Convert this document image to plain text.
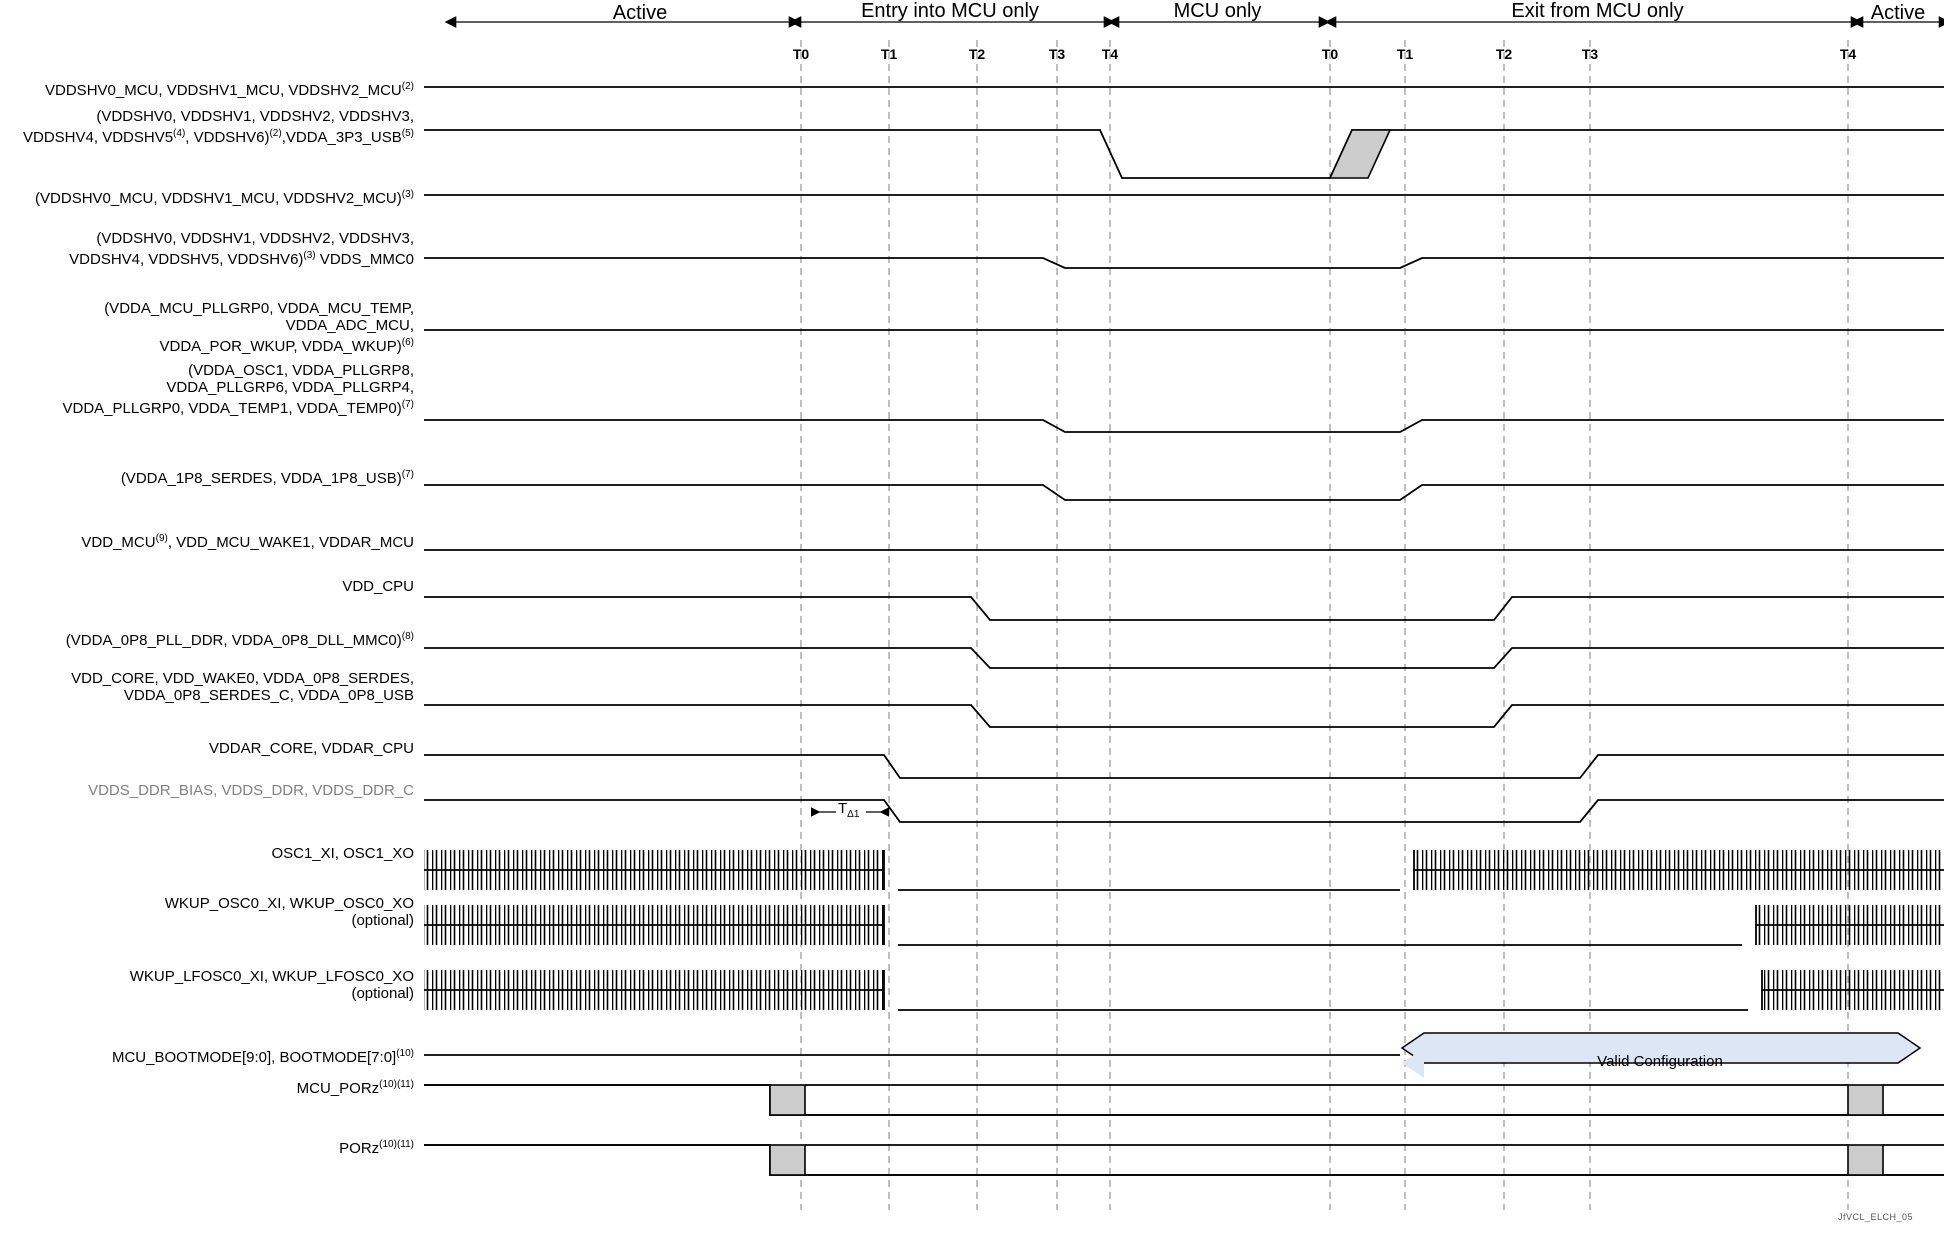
Active	Entry into MCU only	MCU only	Exit from MCU only	Active
T0	T1	T2	T3	T4	T0	T1	T2	T3	T4
VDDSHV0_MCU, VDDSHV1_MCU, VDDSHV2_MCU$^{(2)}$
(VDDSHV0, VDDSHV1, VDDSHV2, VDDSHV3,
VDDSHV4, VDDSHV5$^{(4)}$, VDDSHV6)$^{(2)}$,VDDA_3P3_USB$^{(5)}$
(VDDSHV0_MCU, VDDSHV1_MCU, VDDSHV2_MCU)$^{(3)}$
(VDDSHV0, VDDSHV1, VDDSHV2, VDDSHV3,
VDDSHV4, VDDSHV5, VDDSHV6)$^{(3)}$ VDDS_MMC0
(VDDA_MCU_PLLGRP0, VDDA_MCU_TEMP, VDDA_ADC_MCU,
VDDA_POR_WKUP, VDDA_WKUP)$^{(6)}$
(VDDA_OSC1, VDDA_PLLGRP8,
VDDA_PLLGRP6, VDDA_PLLGRP4,
VDDA_PLLGRP0, VDDA_TEMP1, VDDA_TEMP0)$^{(7)}$
(VDDA_1P8_SERDES, VDDA_1P8_USB)$^{(7)}$
VDD_MCU$^{(9)}$, VDD_MCU_WAKE1, VDDAR_MCU
VDD_CPU
(VDDA_0P8_PLL_DDR, VDDA_0P8_DLL_MMC0)$^{(8)}$
VDD_CORE, VDD_WAKE0, VDDA_0P8_SERDES,
VDDA_0P8_SERDES_C, VDDA_0P8_USB
VDDAR_CORE, VDDAR_CPU
VDDS_DDR_BIAS, VDDS_DDR, VDDS_DDR_C
OSC1_XI, OSC1_XO
WKUP_OSC0_XI, WKUP_OSC0_XO
(optional)
WKUP_LFOSC0_XI, WKUP_LFOSC0_XO
(optional)
MCU_BOOTMODE[9:0], BOOTMODE[7:0]$^{(10)}$
MCU_PORz$^{(10)(11)}$
PORz$^{(10)(11)}$
$T_{\Delta 1}$
Valid Configuration
JfVCL_ELCH_05
